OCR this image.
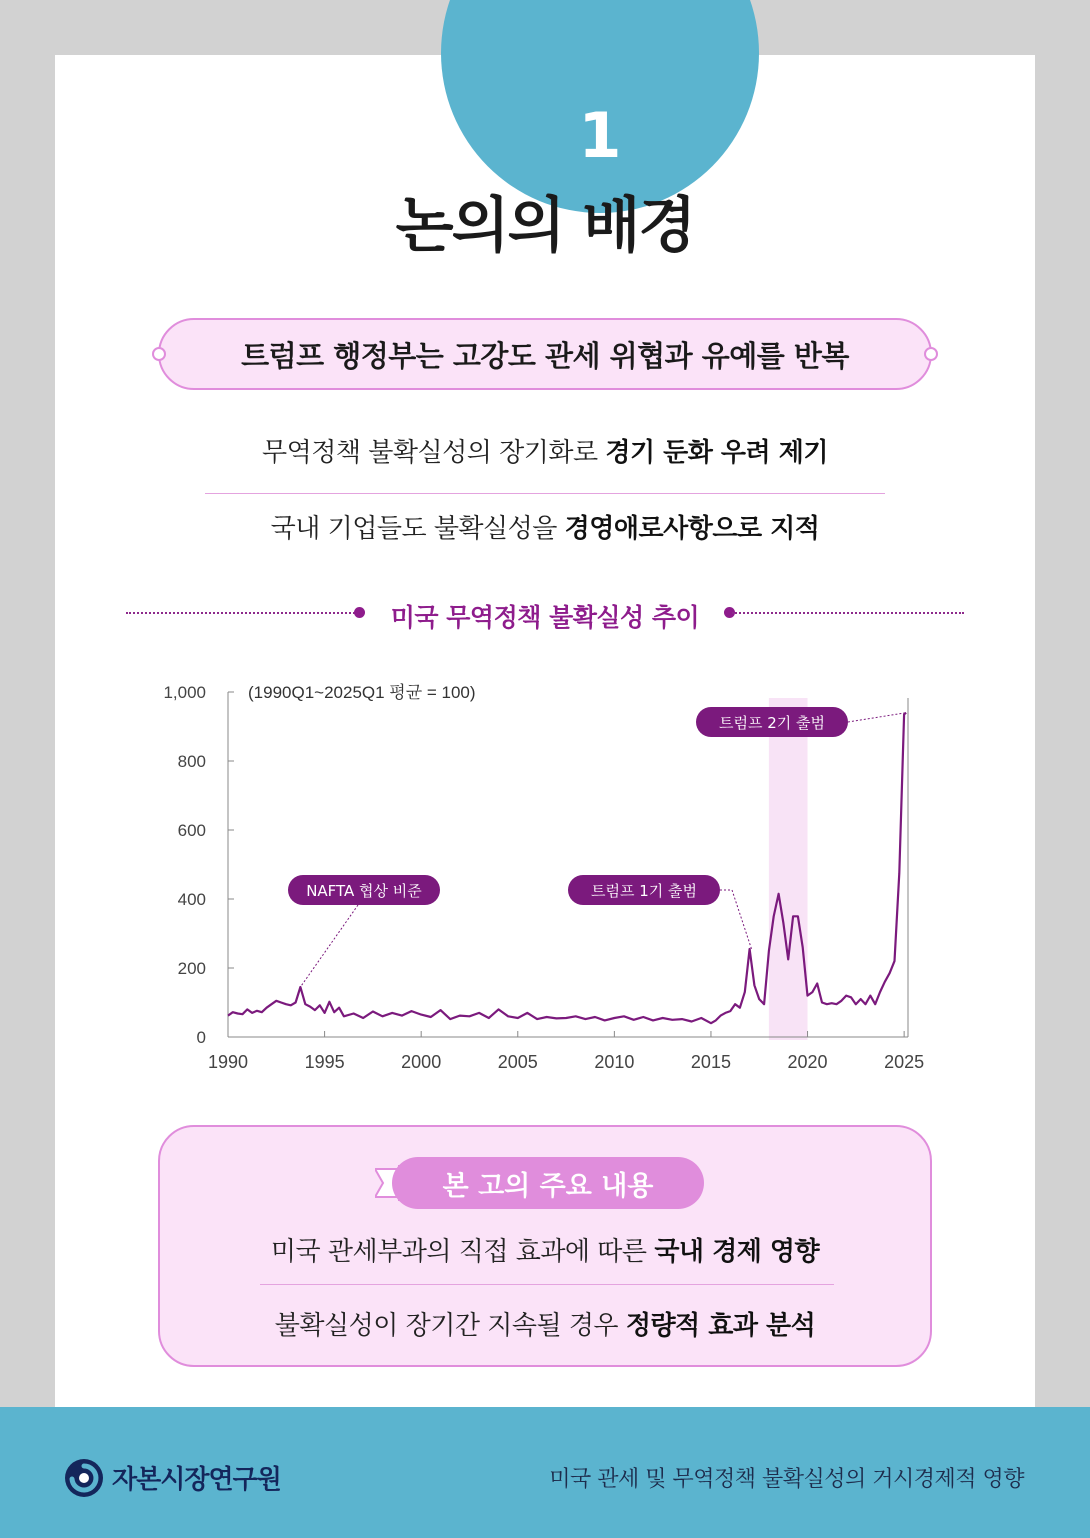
1
논의의 배경
트럼프 행정부는 고강도 관세 위협과 유예를 반복
무역정책 불확실성의 장기화로 경기 둔화 우려 제기
국내 기업들도 불확실성을 경영애로사항으로 지적
미국 무역정책 불확실성 추이
0
200
400
600
800
1,000
1990	1995	2000	2005	2010	2015	2020	2025
(1990Q1~2025Q1 평균 = 100)
NAFTA 협상 비준	트럼프 1기 출범
트럼프 2기 출범
본 고의 주요 내용
미국 관세부과의 직접 효과에 따른 국내 경제 영향
불확실성이 장기간 지속될 경우 정량적 효과 분석
자본시장연구원	미국 관세 및 무역정책 불확실성의 거시경제적 영향
